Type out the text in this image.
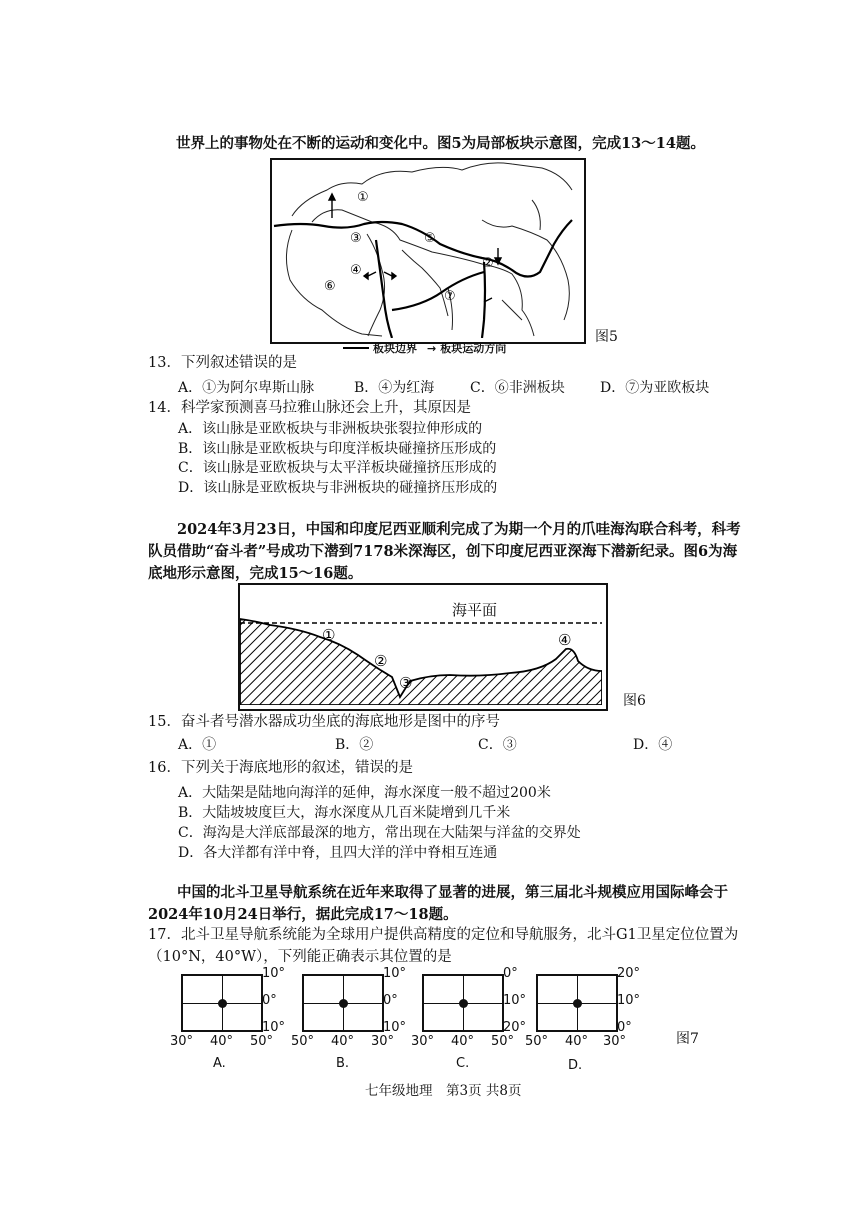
世界上的事物处在不断的运动和变化中。图5为局部板块示意图，完成13～14题。
①
②
③
④
⑤
⑥
⑦
图5
板块边界 → 板块运动方向
13．下列叙述错误的是
A．①为阿尔卑斯山脉	B．④为红海	C．⑥非洲板块	D．⑦为亚欧板块
14．科学家预测喜马拉雅山脉还会上升，其原因是
A．该山脉是亚欧板块与非洲板块张裂拉伸形成的
B．该山脉是亚欧板块与印度洋板块碰撞挤压形成的
C．该山脉是亚欧板块与太平洋板块碰撞挤压形成的
D．该山脉是亚欧板块与非洲板块的碰撞挤压形成的
2024年3月23日，中国和印度尼西亚顺利完成了为期一个月的爪哇海沟联合科考，科考队员借助“奋斗者”号成功下潜到7178米深海区，创下印度尼西亚深海下潜新纪录。图6为海底地形示意图，完成15～16题。
①
②
③
④
海平面
图6
15．奋斗者号潜水器成功坐底的海底地形是图中的序号
A．①	B．②	C．③	D．④
16．下列关于海底地形的叙述，错误的是
A．大陆架是陆地向海洋的延伸，海水深度一般不超过200米
B．大陆坡坡度巨大，海水深度从几百米陡增到几千米
C．海沟是大洋底部最深的地方，常出现在大陆架与洋盆的交界处
D．各大洋都有洋中脊，且四大洋的洋中脊相互连通
中国的北斗卫星导航系统在近年来取得了显著的进展，第三届北斗规模应用国际峰会于2024年10月24日举行，据此完成17～18题。
17．北斗卫星导航系统能为全球用户提供高精度的定位和导航服务，北斗G1卫星定位位置为（10°N，40°W），下列能正确表示其位置的是
10°
0°
10°
30° 40° 50°
A.
10°
0°
10°
50° 40° 30°
B.
0°
10°
20°
30° 40° 50°
C.
20°
10°
0°
50° 40° 30°
D.
图7
七年级地理　第3页 共8页
